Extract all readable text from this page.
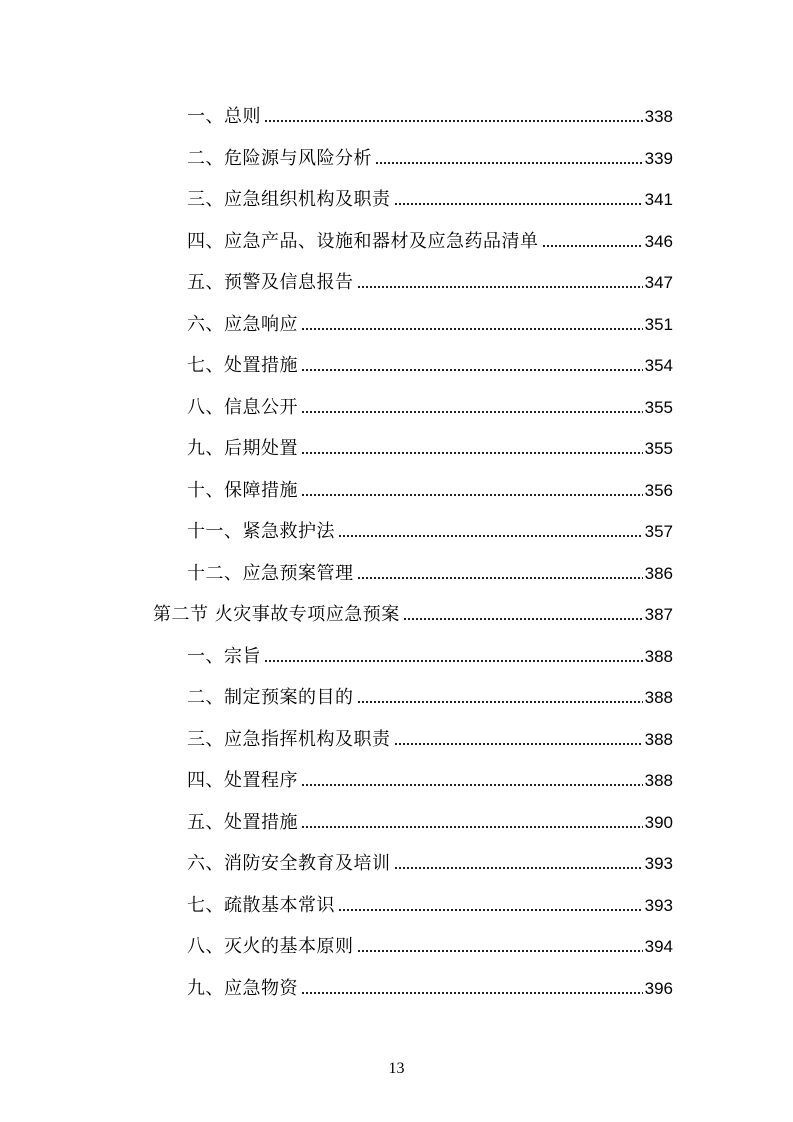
一、总则	338
二、危险源与风险分析	339
三、应急组织机构及职责	341
四、应急产品、设施和器材及应急药品清单	346
五、预警及信息报告	347
六、应急响应	351
七、处置措施	354
八、信息公开	355
九、后期处置	355
十、保障措施	356
十一、紧急救护法	357
十二、应急预案管理	386
第二节 火灾事故专项应急预案	387
一、宗旨	388
二、制定预案的目的	388
三、应急指挥机构及职责	388
四、处置程序	388
五、处置措施	390
六、消防安全教育及培训	393
七、疏散基本常识	393
八、灭火的基本原则	394
九、应急物资	396
13
